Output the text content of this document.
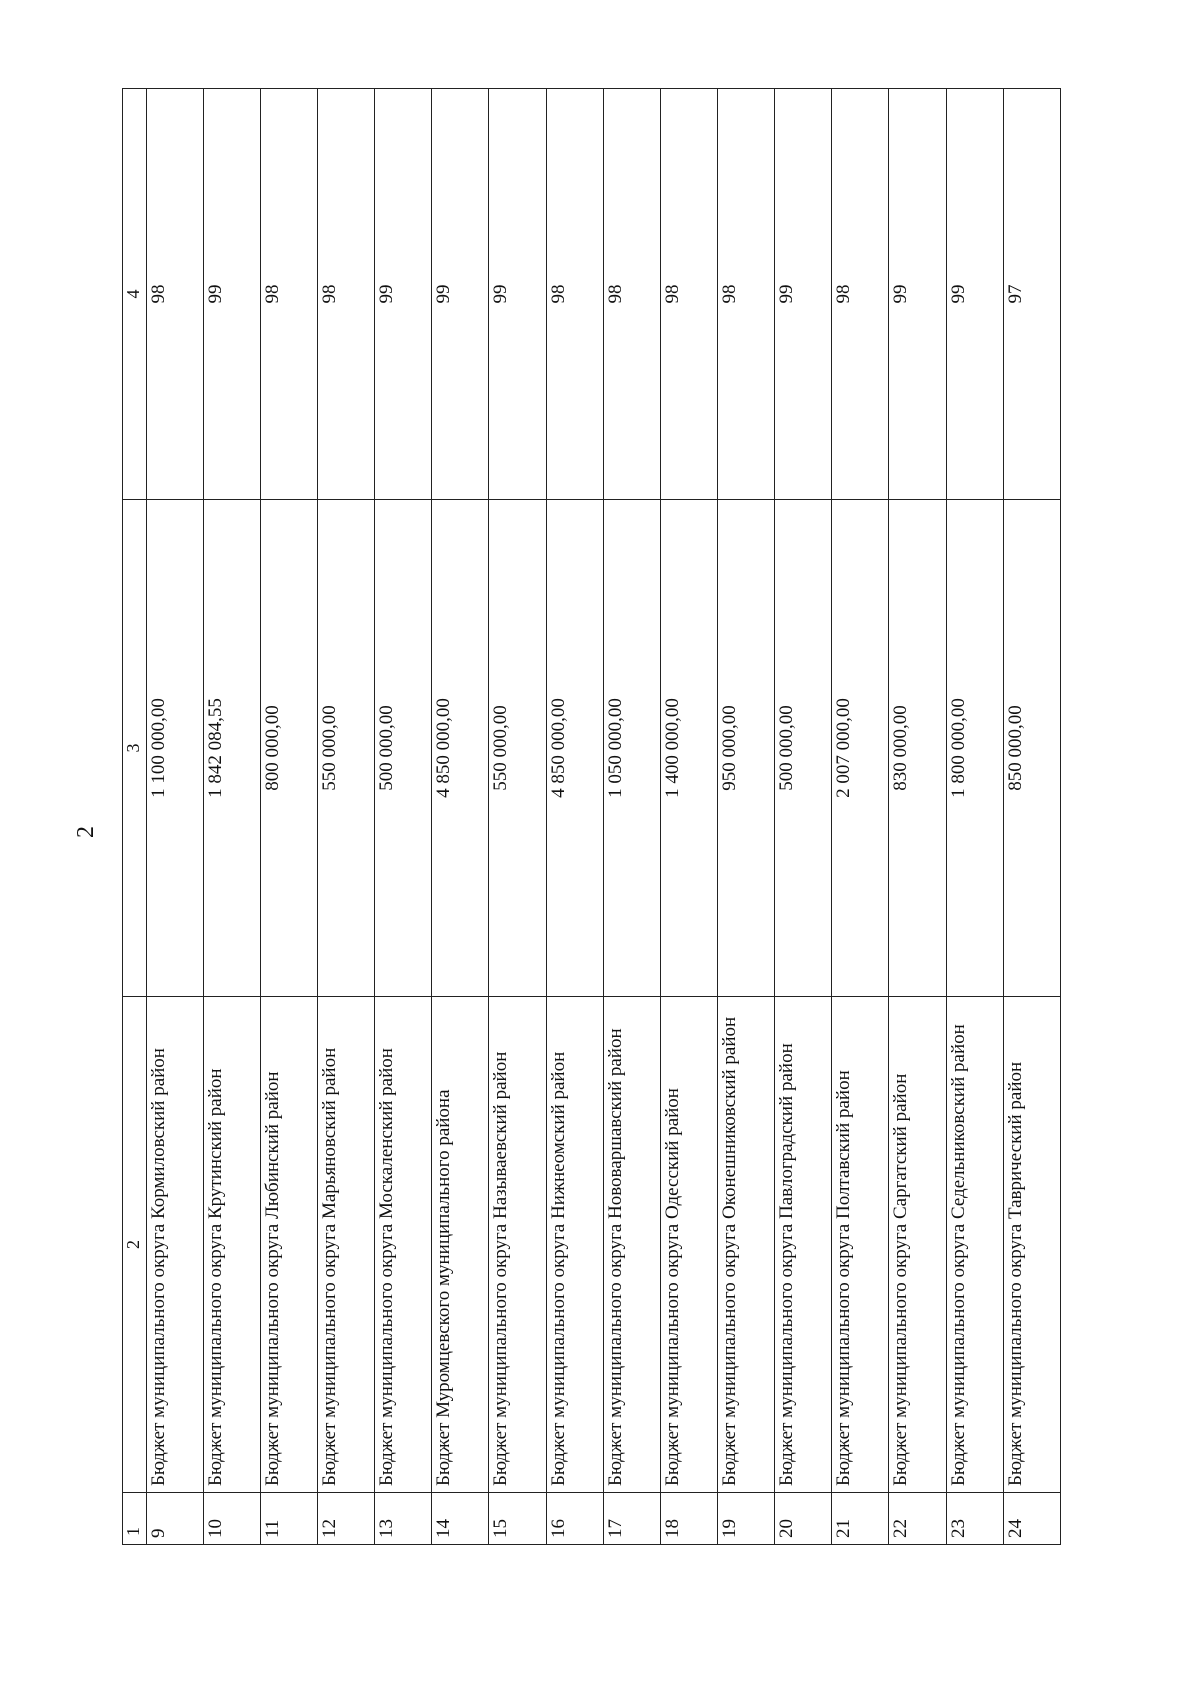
2
1	2	3	4
9	Бюджет муниципального округа Кормиловский район	1 100 000,00	98
10	Бюджет муниципального округа Крутинский район	1 842 084,55	99
11	Бюджет муниципального округа Любинский район	800 000,00	98
12	Бюджет муниципального округа Марьяновский район	550 000,00	98
13	Бюджет муниципального округа Москаленский район	500 000,00	99
14	Бюджет Муромцевского муниципального района	4 850 000,00	99
15	Бюджет муниципального округа Называевский район	550 000,00	99
16	Бюджет муниципального округа Нижнеомский район	4 850 000,00	98
17	Бюджет муниципального округа Нововаршавский район	1 050 000,00	98
18	Бюджет муниципального округа Одесский район	1 400 000,00	98
19	Бюджет муниципального округа Оконешниковский район	950 000,00	98
20	Бюджет муниципального округа Павлоградский район	500 000,00	99
21	Бюджет муниципального округа Полтавский район	2 007 000,00	98
22	Бюджет муниципального округа Саргатский район	830 000,00	99
23	Бюджет муниципального округа Седельниковский район	1 800 000,00	99
24	Бюджет муниципального округа Таврический район	850 000,00	97
